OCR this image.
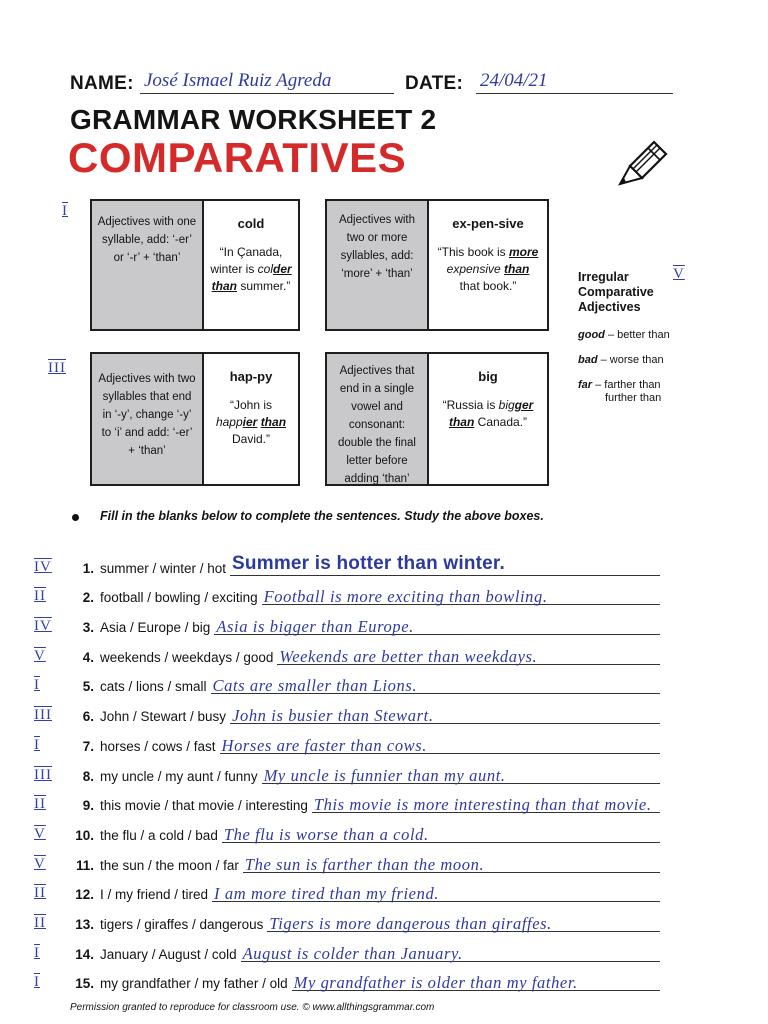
NAME: José Ismael Ruiz Agreda	DATE: 24/04/21
GRAMMAR WORKSHEET 2
COMPARATIVES
I
Adjectives with one syllable, add: ‘-er’ or ‘-r’ + ‘than’
cold
“In Çanada, winter is colder than summer.”
Adjectives with two or more syllables, add: ‘more’ + ‘than’
ex-pen-sive
“This book is more expensive than that book.”
III
Adjectives with two syllables that end in ‘-y’, change ‘-y’ to ‘i’ and add: ‘-er’ + ‘than’
hap-py
“John is happier than David.”
Adjectives that end in a single vowel and consonant: double the final letter before adding ‘than’
big
“Russia is bigger than Canada.”
Irregular Comparative Adjectives
V
good – better than
bad – worse than
far – farther than
further than
Fill in the blanks below to complete the sentences. Study the above boxes.
IV	1. summer / winter / hot Summer is hotter than winter.
II	2. football / bowling / exciting Football is more exciting than bowling.
IV	3. Asia / Europe / big Asia is bigger than Europe.
V	4. weekends / weekdays / good Weekends are better than weekdays.
I	5. cats / lions / small Cats are smaller than Lions.
III	6. John / Stewart / busy John is busier than Stewart.
I	7. horses / cows / fast Horses are faster than cows.
III	8. my uncle / my aunt / funny My uncle is funnier than my aunt.
II	9. this movie / that movie / interesting This movie is more interesting than that movie.
V	10. the flu / a cold / bad The flu is worse than a cold.
V	11. the sun / the moon / far The sun is farther than the moon.
II	12. I / my friend / tired I am more tired than my friend.
II	13. tigers / giraffes / dangerous Tigers is more dangerous than giraffes.
I	14. January / August / cold August is colder than January.
I	15. my grandfather / my father / old My grandfather is older than my father.
Permission granted to reproduce for classroom use. © www.allthingsgrammar.com
